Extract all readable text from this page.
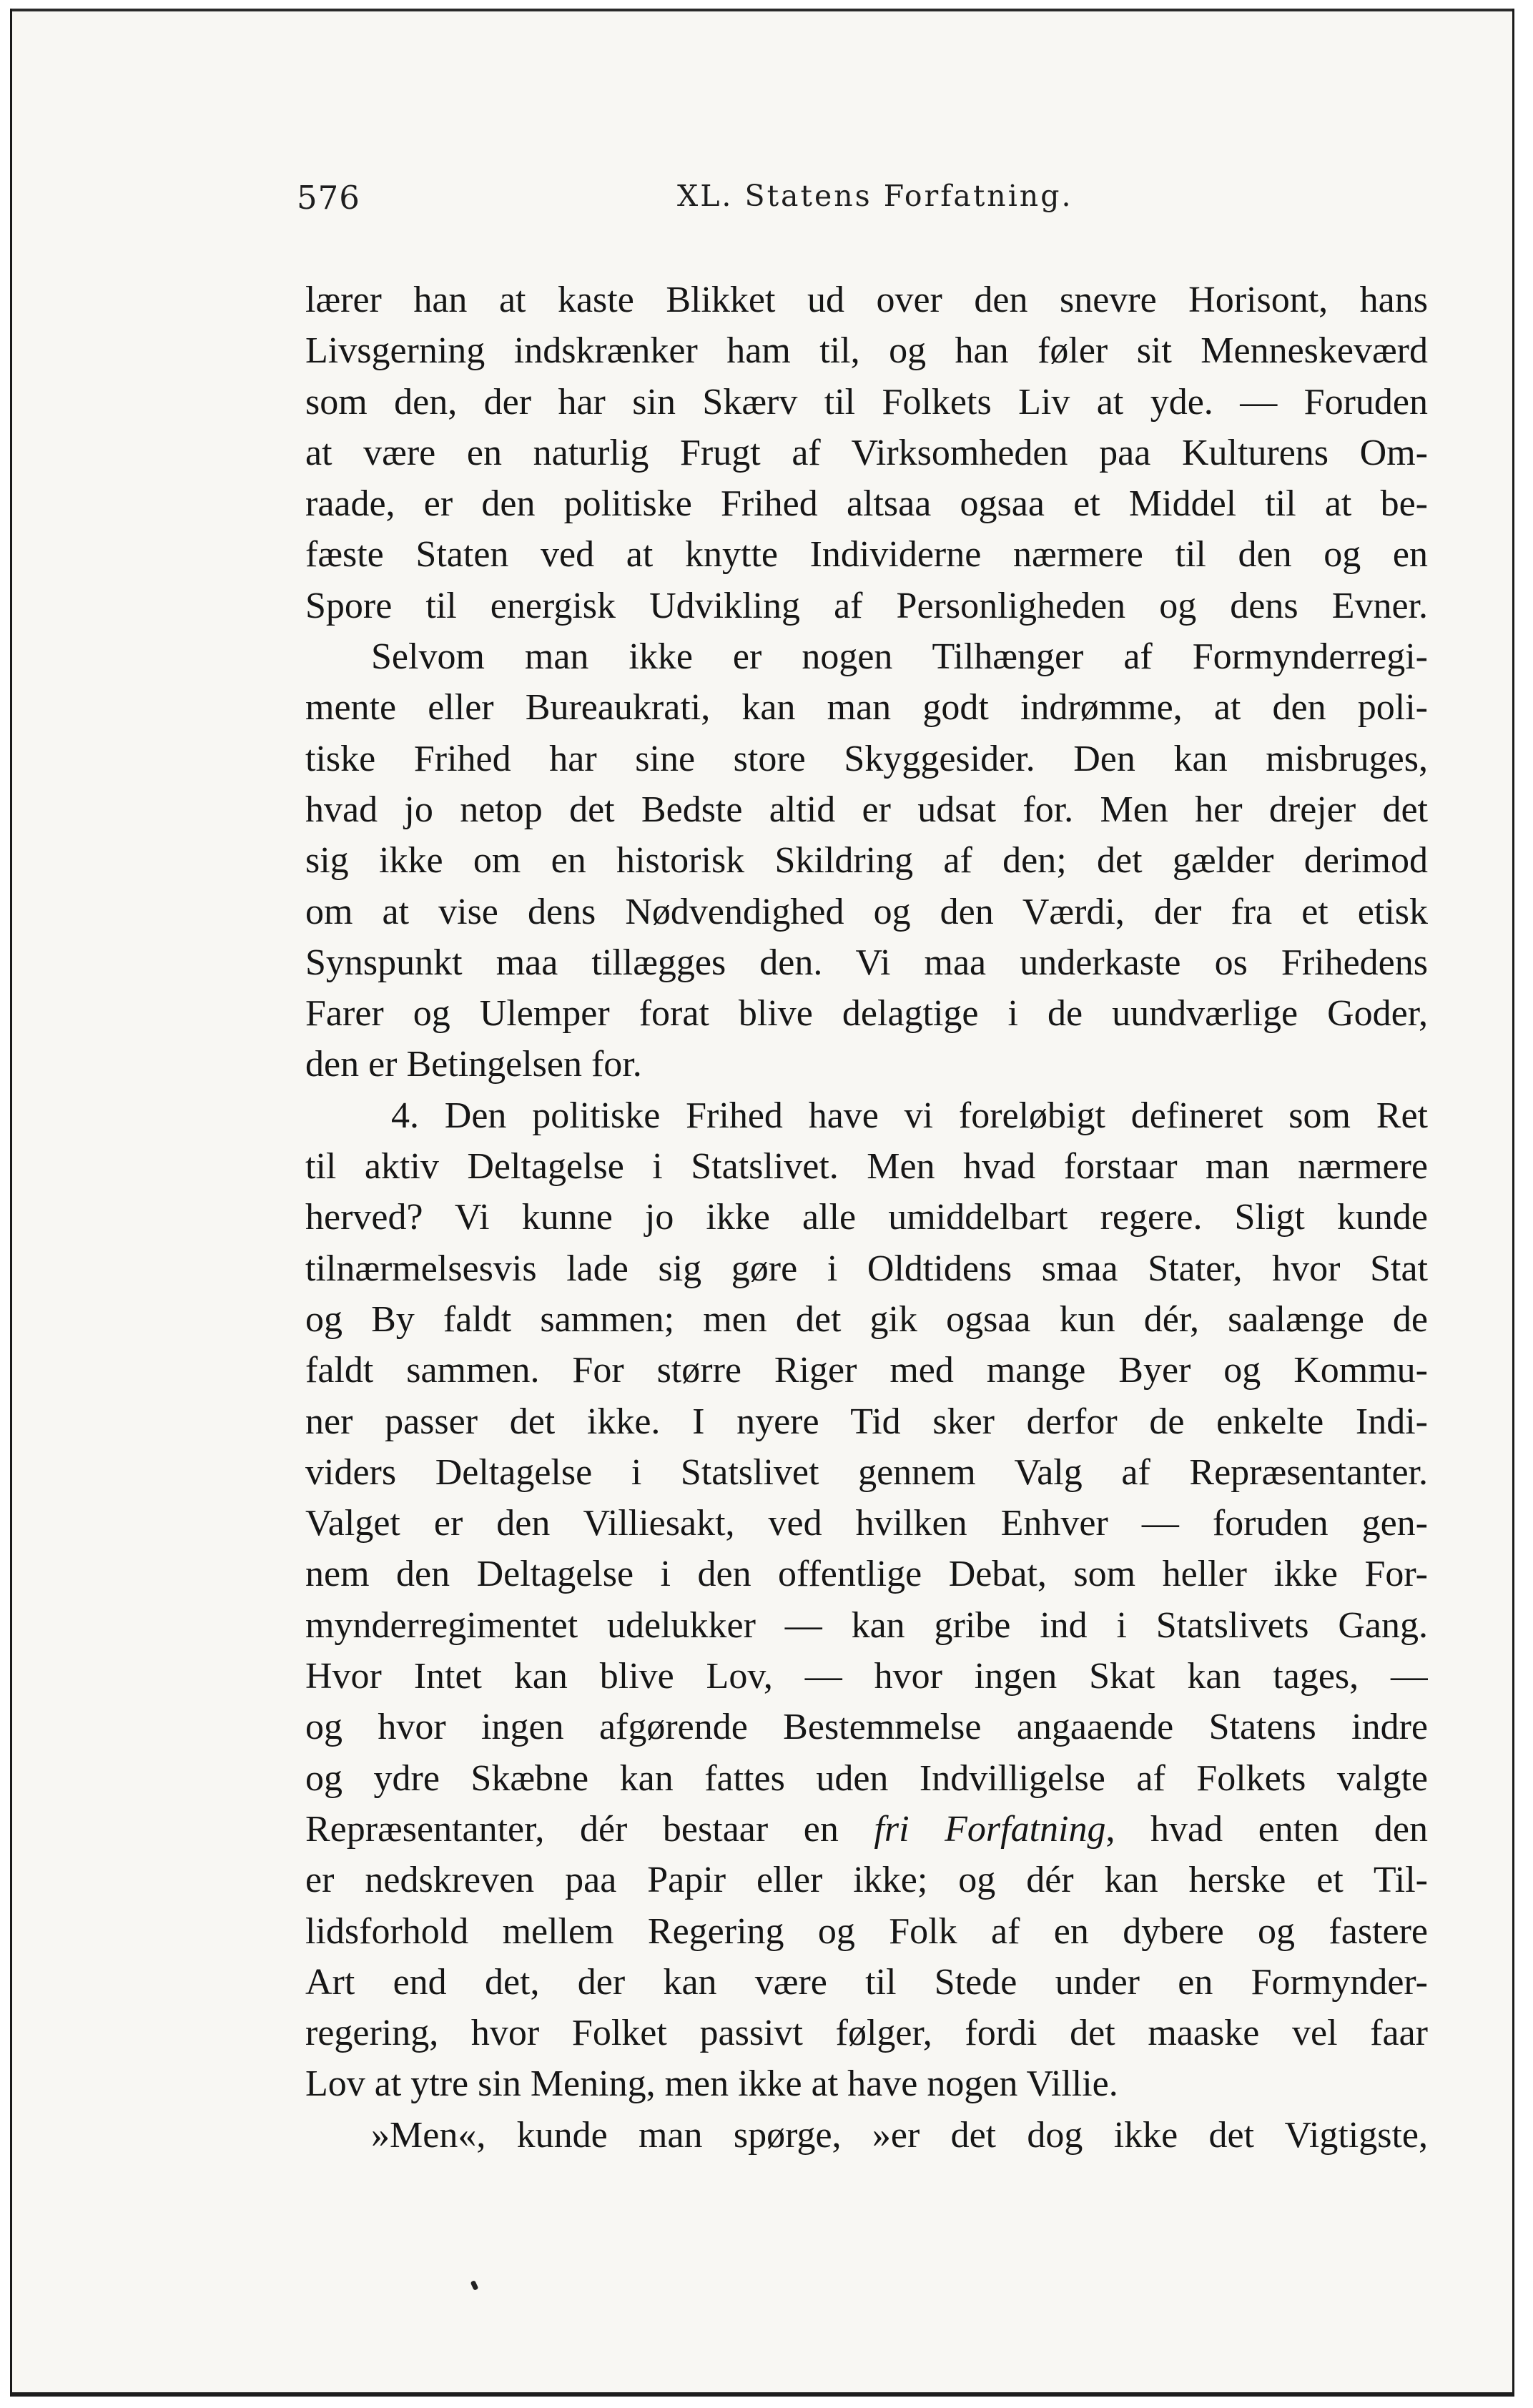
576	XL. Statens Forfatning.
lærer han at kaste Blikket ud over den snevre Horisont, hans
Livsgerning indskrænker ham til, og han føler sit Menneskeværd
som den, der har sin Skærv til Folkets Liv at yde. — Foruden
at være en naturlig Frugt af Virksomheden paa Kulturens Om-
raade, er den politiske Frihed altsaa ogsaa et Middel til at be-
fæste Staten ved at knytte Individerne nærmere til den og en
Spore til energisk Udvikling af Personligheden og dens Evner.
Selvom man ikke er nogen Tilhænger af Formynderregi-
mente eller Bureaukrati, kan man godt indrømme, at den poli-
tiske Frihed har sine store Skyggesider. Den kan misbruges,
hvad jo netop det Bedste altid er udsat for. Men her drejer det
sig ikke om en historisk Skildring af den; det gælder derimod
om at vise dens Nødvendighed og den Værdi, der fra et etisk
Synspunkt maa tillægges den. Vi maa underkaste os Frihedens
Farer og Ulemper forat blive delagtige i de uundværlige Goder,
den er Betingelsen for.
4. Den politiske Frihed have vi foreløbigt defineret som Ret
til aktiv Deltagelse i Statslivet. Men hvad forstaar man nærmere
herved? Vi kunne jo ikke alle umiddelbart regere. Sligt kunde
tilnærmelsesvis lade sig gøre i Oldtidens smaa Stater, hvor Stat
og By faldt sammen; men det gik ogsaa kun dér, saalænge de
faldt sammen. For større Riger med mange Byer og Kommu-
ner passer det ikke. I nyere Tid sker derfor de enkelte Indi-
viders Deltagelse i Statslivet gennem Valg af Repræsentanter.
Valget er den Villiesakt, ved hvilken Enhver — foruden gen-
nem den Deltagelse i den offentlige Debat, som heller ikke For-
mynderregimentet udelukker — kan gribe ind i Statslivets Gang.
Hvor Intet kan blive Lov, — hvor ingen Skat kan tages, —
og hvor ingen afgørende Bestemmelse angaaende Statens indre
og ydre Skæbne kan fattes uden Indvilligelse af Folkets valgte
Repræsentanter, dér bestaar en fri Forfatning, hvad enten den
er nedskreven paa Papir eller ikke; og dér kan herske et Til-
lidsforhold mellem Regering og Folk af en dybere og fastere
Art end det, der kan være til Stede under en Formynder-
regering, hvor Folket passivt følger, fordi det maaske vel faar
Lov at ytre sin Mening, men ikke at have nogen Villie.
»Men«, kunde man spørge, »er det dog ikke det Vigtigste,
